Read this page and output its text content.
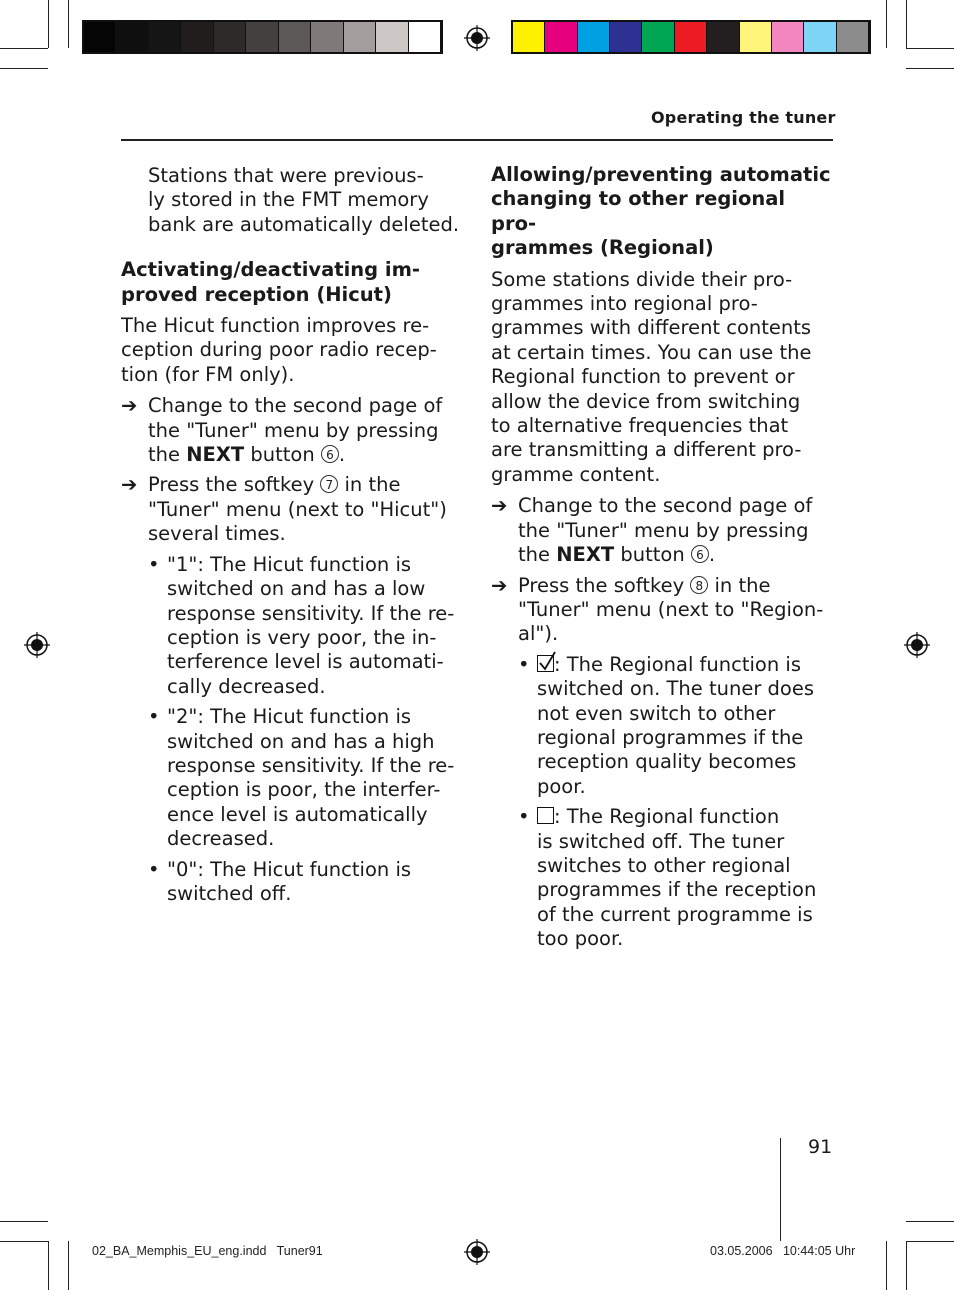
Operating the tuner

Stations that were previous-

ly stored in the FMT memory

bank are automatically deleted.

Activating/deactivating im-

proved reception (Hicut)

The Hicut function improves re-

ception during poor radio recep-

tion (for FM only).

➔ Change to the second page of

the "Tuner" menu by pressing

the NEXT button 6 .

➔ Press the softkey 7 in the

"Tuner" menu (next to "Hicut")

several times.

• "1": The Hicut function is

switched on and has a low

response sensitivity. If the re-

ception is very poor, the in-

terference level is automati-

cally decreased.

• "2": The Hicut function is

switched on and has a high

response sensitivity. If the re-

ception is poor, the interfer-

ence level is automatically

decreased.

• "0": The Hicut function is

switched off.

Allowing/preventing automatic

changing to other regional pro-

grammes (Regional)

Some stations divide their pro-

grammes into regional pro-

grammes with different contents

at certain times. You can use the

Regional function to prevent or

allow the device from switching

to alternative frequencies that

are transmitting a different pro-

gramme content.

➔ Change to the second page of

the "Tuner" menu by pressing

the NEXT button 6 .

➔ Press the softkey 8 in the

"Tuner" menu (next to "Region-

al").

•	: The Regional function is

switched on. The tuner does

not even switch to other

regional programmes if the

reception quality becomes

poor.

•	: The Regional function

is switched off. The tuner

switches to other regional

programmes if the reception

of the current programme is

too poor.

91
02_BA_Memphis_EU_eng.indd   Tuner91	03.05.2006   10:44:05 Uhr
